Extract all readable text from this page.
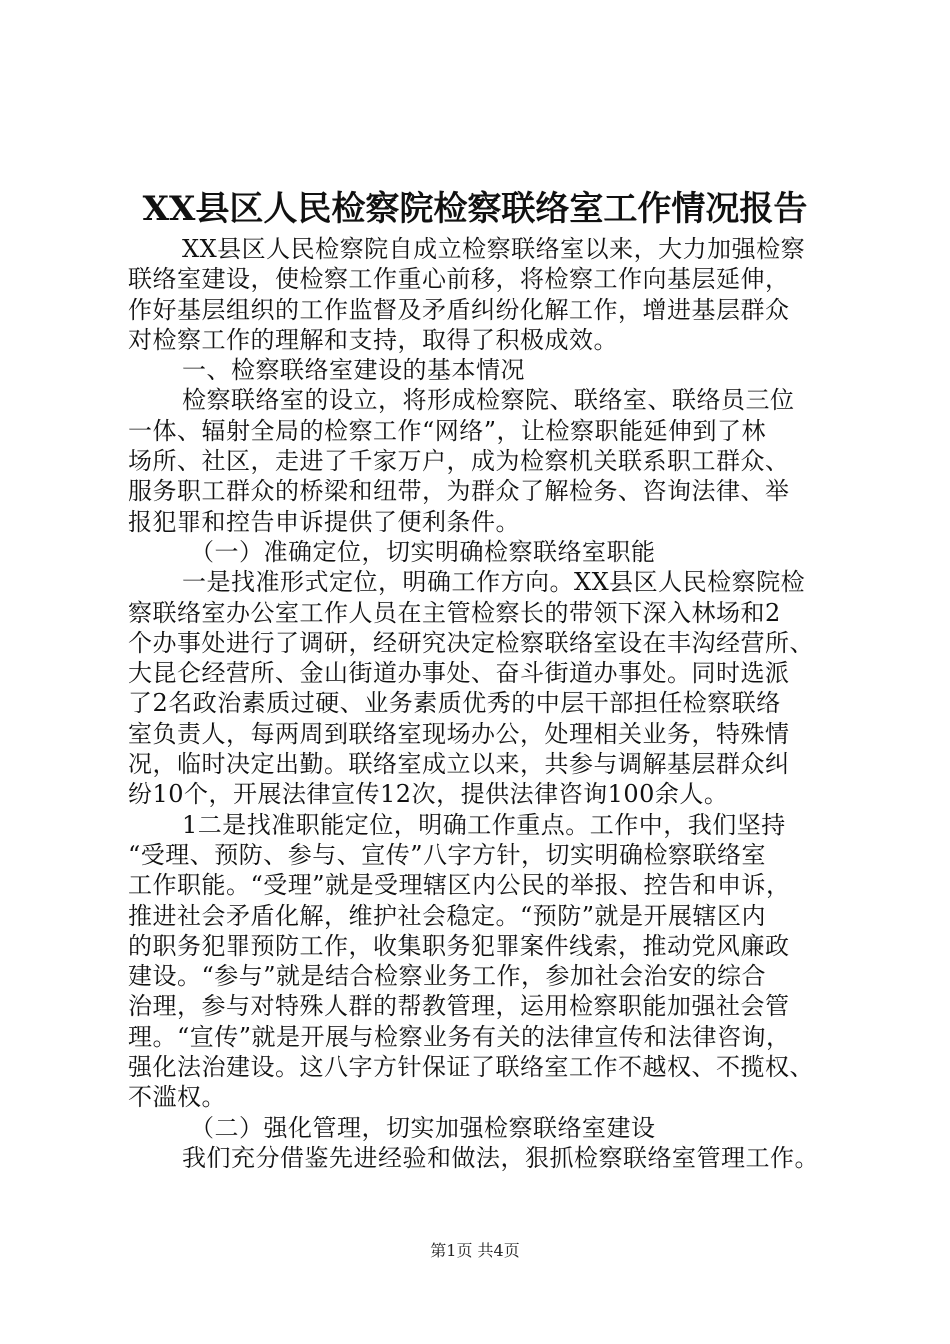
XX县区人民检察院检察联络室工作情况报告
XX县区人民检察院自成立检察联络室以来，大力加强检察
联络室建设，使检察工作重心前移，将检察工作向基层延伸，
作好基层组织的工作监督及矛盾纠纷化解工作，增进基层群众
对检察工作的理解和支持，取得了积极成效。
一、检察联络室建设的基本情况
检察联络室的设立，将形成检察院、联络室、联络员三位
一体、辐射全局的检察工作“网络”，让检察职能延伸到了林
场所、社区，走进了千家万户，成为检察机关联系职工群众、
服务职工群众的桥梁和纽带，为群众了解检务、咨询法律、举
报犯罪和控告申诉提供了便利条件。
（一）准确定位，切实明确检察联络室职能
一是找准形式定位，明确工作方向。XX县区人民检察院检
察联络室办公室工作人员在主管检察长的带领下深入林场和2
个办事处进行了调研，经研究决定检察联络室设在丰沟经营所、
大昆仑经营所、金山街道办事处、奋斗街道办事处。同时选派
了2名政治素质过硬、业务素质优秀的中层干部担任检察联络
室负责人，每两周到联络室现场办公，处理相关业务，特殊情
况，临时决定出勤。联络室成立以来，共参与调解基层群众纠
纷10个，开展法律宣传12次，提供法律咨询100余人。
1二是找准职能定位，明确工作重点。工作中，我们坚持
“受理、预防、参与、宣传”八字方针，切实明确检察联络室
工作职能。“受理”就是受理辖区内公民的举报、控告和申诉，
推进社会矛盾化解，维护社会稳定。“预防”就是开展辖区内
的职务犯罪预防工作，收集职务犯罪案件线索，推动党风廉政
建设。“参与”就是结合检察业务工作，参加社会治安的综合
治理，参与对特殊人群的帮教管理，运用检察职能加强社会管
理。“宣传”就是开展与检察业务有关的法律宣传和法律咨询，
强化法治建设。这八字方针保证了联络室工作不越权、不揽权、
不滥权。
（二）强化管理，切实加强检察联络室建设
我们充分借鉴先进经验和做法，狠抓检察联络室管理工作。
第1页 共4页
